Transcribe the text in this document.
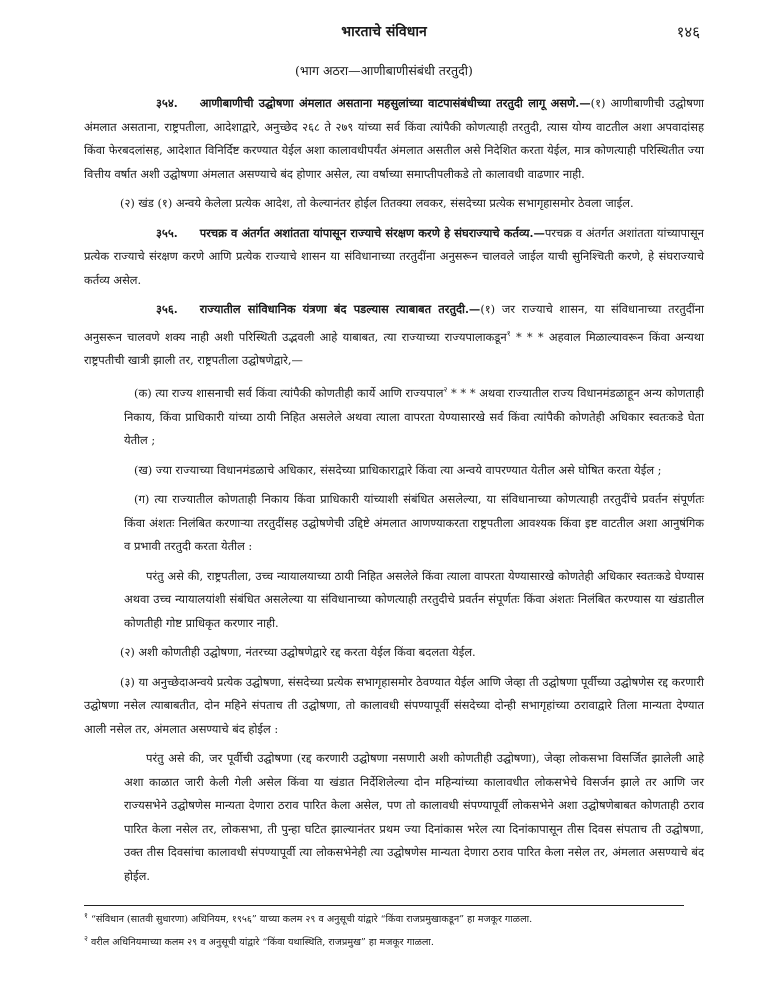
भारताचे संविधान	१४६
(भाग अठरा—आणीबाणीसंबंधी तरतुदी)

३५४. आणीबाणीची उद्घोषणा अंमलात असताना महसुलांच्या वाटपासंबंधीच्या तरतुदी लागू असणे.—(१) आणीबाणीची उद्घोषणा अंमलात असताना, राष्ट्रपतीला, आदेशाद्वारे, अनुच्छेद २६८ ते २७९ यांच्या सर्व किंवा त्यांपैकी कोणत्याही तरतुदी, त्यास योग्य वाटतील अशा अपवादांसह किंवा फेरबदलांसह, आदेशात विनिर्दिष्ट करण्यात येईल अशा कालावधीपर्यंत अंमलात असतील असे निदेशित करता येईल, मात्र कोणत्याही परिस्थितीत ज्या वित्तीय वर्षात अशी उद्घोषणा अंमलात असण्याचे बंद होणार असेल, त्या वर्षाच्या समाप्तीपलीकडे तो कालावधी वाढणार नाही.

(२) खंड (१) अन्वये केलेला प्रत्येक आदेश, तो केल्यानंतर होईल तितक्या लवकर, संसदेच्या प्रत्येक सभागृहासमोर ठेवला जाईल.

३५५. परचक्र व अंतर्गत अशांतता यांपासून राज्याचे संरक्षण करणे हे संघराज्याचे कर्तव्य.—परचक्र व अंतर्गत अशांतता यांच्यापासून प्रत्येक राज्याचे संरक्षण करणे आणि प्रत्येक राज्याचे शासन या संविधानाच्या तरतुदींना अनुसरून चालवले जाईल याची सुनिश्चिती करणे, हे संघराज्याचे कर्तव्य असेल.

३५६. राज्यातील सांविधानिक यंत्रणा बंद पडल्यास त्याबाबत तरतुदी.—(१) जर राज्याचे शासन, या संविधानाच्या तरतुदींना अनुसरून चालवणे शक्य नाही अशी परिस्थिती उद्भवली आहे याबाबत, त्या राज्याच्या राज्यपालाकडून$^१$ * * * अहवाल मिळाल्यावरून किंवा अन्यथा राष्ट्रपतीची खात्री झाली तर, राष्ट्रपतीला उद्घोषणेद्वारे,—

(क) त्या राज्य शासनाची सर्व किंवा त्यांपैकी कोणतीही कार्ये आणि राज्यपाल$^२$ * * * अथवा राज्यातील राज्य विधानमंडळाहून अन्य कोणताही निकाय, किंवा प्राधिकारी यांच्या ठायी निहित असलेले अथवा त्याला वापरता येण्यासारखे सर्व किंवा त्यांपैकी कोणतेही अधिकार स्वतःकडे घेता येतील ;

(ख) ज्या राज्याच्या विधानमंडळाचे अधिकार, संसदेच्या प्राधिकाराद्वारे किंवा त्या अन्वये वापरण्यात येतील असे घोषित करता येईल ;

(ग) त्या राज्यातील कोणताही निकाय किंवा प्राधिकारी यांच्याशी संबंधित असलेल्या, या संविधानाच्या कोणत्याही तरतुदींचे प्रवर्तन संपूर्णतः किंवा अंशतः निलंबित करणाऱ्या तरतुदींसह उद्घोषणेची उद्दिष्टे अंमलात आणण्याकरता राष्ट्रपतीला आवश्यक किंवा इष्ट वाटतील अशा आनुषंगिक व प्रभावी तरतुदी करता येतील :

परंतु असे की, राष्ट्रपतीला, उच्च न्यायालयाच्या ठायी निहित असलेले किंवा त्याला वापरता येण्यासारखे कोणतेही अधिकार स्वतःकडे घेण्यास अथवा उच्च न्यायालयांशी संबंधित असलेल्या या संविधानाच्या कोणत्याही तरतुदीचे प्रवर्तन संपूर्णतः किंवा अंशतः निलंबित करण्यास या खंडातील कोणतीही गोष्ट प्राधिकृत करणार नाही.

(२) अशी कोणतीही उद्घोषणा, नंतरच्या उद्घोषणेद्वारे रद्द करता येईल किंवा बदलता येईल.

(३) या अनुच्छेदाअन्वये प्रत्येक उद्घोषणा, संसदेच्या प्रत्येक सभागृहासमोर ठेवण्यात येईल आणि जेव्हा ती उद्घोषणा पूर्वीच्या उद्घोषणेस रद्द करणारी उद्घोषणा नसेल त्याबाबतीत, दोन महिने संपताच ती उद्घोषणा, तो कालावधी संपण्यापूर्वी संसदेच्या दोन्ही सभागृहांच्या ठरावाद्वारे तिला मान्यता देण्यात आली नसेल तर, अंमलात असण्याचे बंद होईल :

परंतु असे की, जर पूर्वीची उद्घोषणा (रद्द करणारी उद्घोषणा नसणारी अशी कोणतीही उद्घोषणा), जेव्हा लोकसभा विसर्जित झालेली आहे अशा काळात जारी केली गेली असेल किंवा या खंडात निर्देशिलेल्या दोन महिन्यांच्या कालावधीत लोकसभेचे विसर्जन झाले तर आणि जर राज्यसभेने उद्घोषणेस मान्यता देणारा ठराव पारित केला असेल, पण तो कालावधी संपण्यापूर्वी लोकसभेने अशा उद्घोषणेबाबत कोणताही ठराव पारित केला नसेल तर, लोकसभा, ती पुन्हा घटित झाल्यानंतर प्रथम ज्या दिनांकास भरेल त्या दिनांकापासून तीस दिवस संपताच ती उद्घोषणा, उक्त तीस दिवसांचा कालावधी संपण्यापूर्वी त्या लोकसभेनेही त्या उद्घोषणेस मान्यता देणारा ठराव पारित केला नसेल तर, अंमलात असण्याचे बंद होईल.

$^१$ “संविधान (सातवी सुधारणा) अधिनियम, १९५६” याच्या कलम २९ व अनुसूची यांद्वारे “किंवा राजप्रमुखाकडून” हा मजकूर गाळला.

$^२$ वरील अधिनियमाच्या कलम २९ व अनुसूची यांद्वारे “किंवा यथास्थिति, राजप्रमुख” हा मजकूर गाळला.
